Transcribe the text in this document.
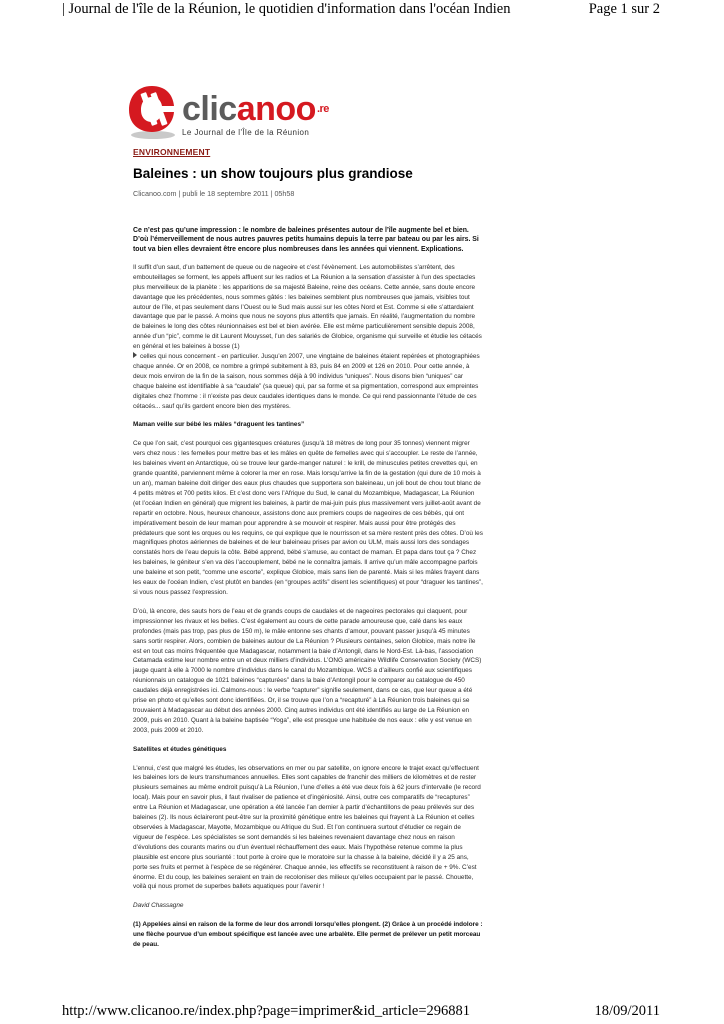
| Journal de l'île de la Réunion, le quotidien d'information dans l'océan Indien	Page 1 sur 2
clicanoo$^{.re}$
Le Journal de l'Île de la Réunion
ENVIRONNEMENT
Baleines : un show toujours plus grandiose
Clicanoo.com | publi le 18 septembre 2011 | 05h58

Ce n’est pas qu’une impression : le nombre de baleines présentes autour de l’île augmente bel et bien. D’où l’émerveillement de nous autres pauvres petits humains depuis la terre par bateau ou par les airs. Si tout va bien elles devraient être encore plus nombreuses dans les années qui viennent. Explications.

Il suffit d’un saut, d’un battement de queue ou de nageoire et c’est l’évènement. Les automobilistes s’arrêtent, des embouteillages se forment, les appels affluent sur les radios et La Réunion a la sensation d’assister à l’un des spectacles plus merveilleux de la planète : les apparitions de sa majesté Baleine, reine des océans. Cette année, sans doute encore davantage que les précédentes, nous sommes gâtés : les baleines semblent plus nombreuses que jamais, visibles tout autour de l’île, et pas seulement dans l’Ouest ou le Sud mais aussi sur les côtes Nord et Est. Comme si elle s’attardaient davantage que par le passé. A moins que nous ne soyons plus attentifs que jamais. En réalité, l’augmentation du nombre de baleines le long des côtes réunionnaises est bel et bien avérée. Elle est même particulièrement sensible depuis 2008, année d’un “pic”, comme le dit Laurent Mouysset, l’un des salariés de Globice, organisme qui surveille et étudie les cétacés en général et les baleines à bosse (1)
celles qui nous concernent - en particulier. Jusqu’en 2007, une vingtaine de baleines étaient repérées et photographiées chaque année. Or en 2008, ce nombre a grimpé subitement à 83, puis 84 en 2009 et 126 en 2010. Pour cette année, à deux mois environ de la fin de la saison, nous sommes déjà à 90 individus “uniques”. Nous disons bien “uniques” car chaque baleine est identifiable à sa “caudale” (sa queue) qui, par sa forme et sa pigmentation, correspond aux empreintes digitales chez l’homme : il n’existe pas deux caudales identiques dans le monde. Ce qui rend passionnante l’étude de ces cétacés... sauf qu’ils gardent encore bien des mystères.

Maman veille sur bébé les mâles “draguent les tantines”

Ce que l’on sait, c’est pourquoi ces gigantesques créatures (jusqu’à 18 mètres de long pour 35 tonnes) viennent migrer vers chez nous : les femelles pour mettre bas et les mâles en quête de femelles avec qui s’accoupler. Le reste de l’année, les baleines vivent en Antarctique, où se trouve leur garde-manger naturel : le krill, de minuscules petites crevettes qui, en grande quantité, parviennent même à colorer la mer en rose. Mais lorsqu’arrive la fin de la gestation (qui dure de 10 mois à un an), maman baleine doit diriger des eaux plus chaudes que supportera son baleineau, un joli bout de chou tout blanc de 4 petits mètres et 700 petits kilos. Et c’est donc vers l’Afrique du Sud, le canal du Mozambique, Madagascar, La Réunion (et l’océan Indien en général) que migrent les baleines, à partir de mai-juin puis plus massivement vers juillet-août avant de repartir en octobre. Nous, heureux chanceux, assistons donc aux premiers coups de nageoires de ces bébés, qui ont impérativement besoin de leur maman pour apprendre à se mouvoir et respirer. Mais aussi pour être protégés des prédateurs que sont les orques ou les requins, ce qui explique que le nourrisson et sa mère restent près des côtes. D’où les magnifiques photos aériennes de baleines et de leur baleineau prises par avion ou ULM, mais aussi lors des sondages constatés hors de l’eau depuis la côte. Bébé apprend, bébé s’amuse, au contact de maman. Et papa dans tout ça ? Chez les baleines, le géniteur s’en va dès l’accouplement, bébé ne le connaîtra jamais. Il arrive qu’un mâle accompagne parfois une baleine et son petit, “comme une escorte”, explique Globice, mais sans lien de parenté. Mais si les mâles frayent dans les eaux de l’océan Indien, c’est plutôt en bandes (en “groupes actifs” disent les scientifiques) et pour “draguer les tantines”, si vous nous passez l’expression.

D’où, là encore, des sauts hors de l’eau et de grands coups de caudales et de nageoires pectorales qui claquent, pour impressionner les rivaux et les belles. C’est également au cours de cette parade amoureuse que, calé dans les eaux profondes (mais pas trop, pas plus de 150 m), le mâle entonne ses chants d’amour, pouvant passer jusqu’à 45 minutes sans sortir respirer. Alors, combien de baleines autour de La Réunion ? Plusieurs centaines, selon Globice, mais notre île est en tout cas moins fréquentée que Madagascar, notamment la baie d’Antongil, dans le Nord-Est. Là-bas, l’association Cetamada estime leur nombre entre un et deux milliers d’individus. L’ONG américaine Wildlife Conservation Society (WCS) jauge quant à elle à 7000 le nombre d’individus dans le canal du Mozambique. WCS a d’ailleurs confié aux scientifiques réunionnais un catalogue de 1021 baleines “capturées” dans la baie d’Antongil pour le comparer au catalogue de 450 caudales déjà enregistrées ici. Calmons-nous : le verbe “capturer” signifie seulement, dans ce cas, que leur queue a été prise en photo et qu’elles sont donc identifiées. Or, il se trouve que l’on a “recapturé” à La Réunion trois baleines qui se trouvaient à Madagascar au début des années 2000. Cinq autres individus ont été identifiés au large de La Réunion en 2009, puis en 2010. Quant à la baleine baptisée “Yoga”, elle est presque une habituée de nos eaux : elle y est venue en 2003, puis 2009 et 2010.

Satellites et études génétiques

L’ennui, c’est que malgré les études, les observations en mer ou par satellite, on ignore encore le trajet exact qu’effectuent les baleines lors de leurs transhumances annuelles. Elles sont capables de franchir des milliers de kilomètres et de rester plusieurs semaines au même endroit puisqu’à La Réunion, l’une d’elles a été vue deux fois à 62 jours d’intervalle (le record local). Mais pour en savoir plus, il faut rivaliser de patience et d’ingéniosité. Ainsi, outre ces comparatifs de “recaptures” entre La Réunion et Madagascar, une opération a été lancée l’an dernier à partir d’échantillons de peau prélevés sur des baleines (2). Ils nous éclaireront peut-être sur la proximité génétique entre les baleines qui frayent à La Réunion et celles observées à Madagascar, Mayotte, Mozambique ou Afrique du Sud. Et l’on continuera surtout d’étudier ce regain de vigueur de l’espèce. Les spécialistes se sont demandés si les baleines revenaient davantage chez nous en raison d’évolutions des courants marins ou d’un éventuel réchauffement des eaux. Mais l’hypothèse retenue comme la plus plausible est encore plus sourianté : tout porte à croire que le moratoire sur la chasse à la baleine, décidé il y a 25 ans, porte ses fruits et permet à l’espèce de se régénérer. Chaque année, les effectifs se reconstituent à raison de + 9%. C’est énorme. Et du coup, les baleines seraient en train de recoloniser des milieux qu’elles occupaient par le passé. Chouette, voilà qui nous promet de superbes ballets aquatiques pour l’avenir !

David Chassagne

(1) Appelées ainsi en raison de la forme de leur dos arrondi lorsqu’elles plongent. (2) Grâce à un procédé indolore : une flèche pourvue d’un embout spécifique est lancée avec une arbalète. Elle permet de prélever un petit morceau de peau.

http://www.clicanoo.re/index.php?page=imprimer&id_article=296881	18/09/2011
